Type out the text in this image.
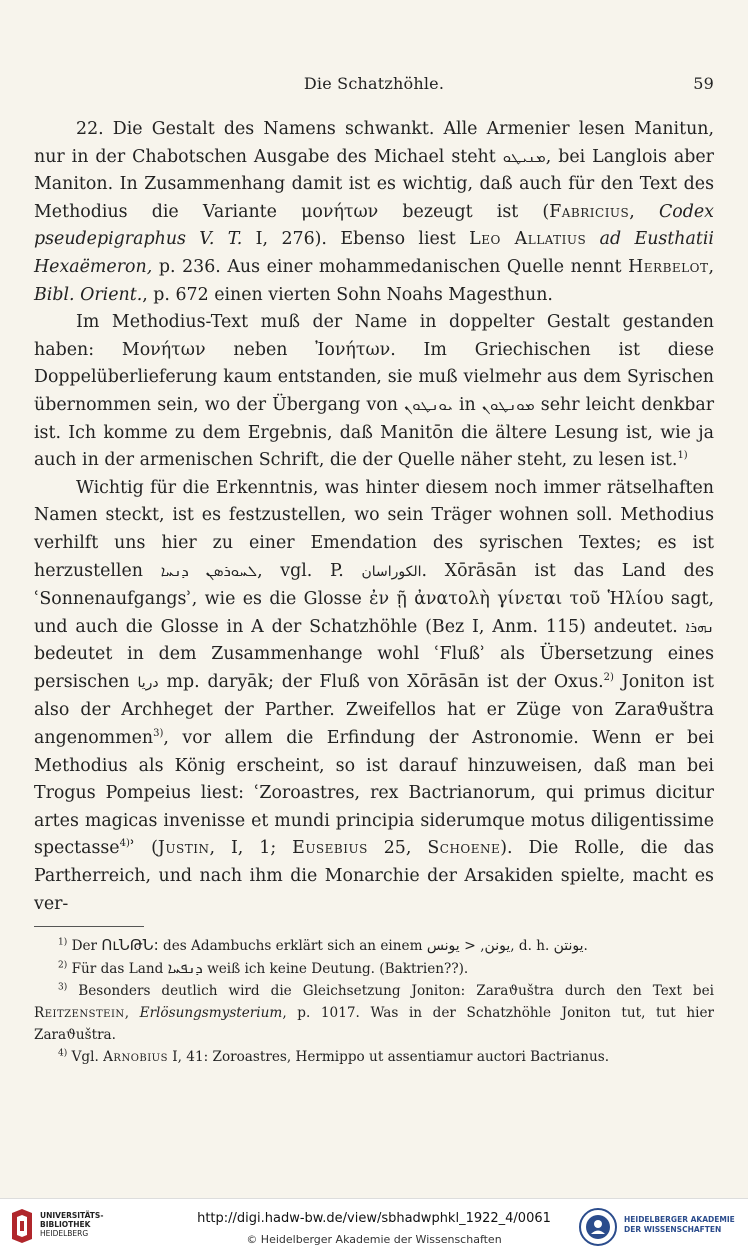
Die Schatzhöhle.	59

22. Die Gestalt des Namens schwankt. Alle Armenier lesen Manitun, nur in der Chabotschen Ausgabe des Michael steht ܡܢܝܛܘ, bei Langlois aber Maniton. In Zusammenhang damit ist es wichtig, daß auch für den Text des Methodius die Variante μονήτων bezeugt ist (Fabricius, Codex pseudepigraphus V. T. I, 276). Ebenso liest Leo Allatius ad Eusthatii Hexaëmeron, p. 236. Aus einer mohammedanischen Quelle nennt Herbelot, Bibl. Orient., p. 672 einen vierten Sohn Noahs Magesthun.

Im Methodius-Text muß der Name in doppelter Gestalt gestanden haben: Μονήτων neben Ἰονήτων. Im Griechischen ist diese Doppelüberlieferung kaum entstanden, sie muß vielmehr aus dem Syrischen übernommen sein, wo der Übergang von ܝܘܢܛܘܢ in ܡܘܢܛܘܢ sehr leicht denkbar ist. Ich komme zu dem Ergebnis, daß Manitōn die ältere Lesung ist, wie ja auch in der armenischen Schrift, die der Quelle näher steht, zu lesen ist.$^{1)}$

Wichtig für die Erkenntnis, was hinter diesem noch immer rätselhaften Namen steckt, ist es festzustellen, wo sein Träger wohnen soll. Methodius verhilft uns hier zu einer Emendation des syrischen Textes; es ist herzustellen ܠܚܘܪܣܢ ܕܢܚܐ, vgl. P. الكوراسان. Xōrāsān ist das Land des ʿSonnenaufgangsʾ, wie es die Glosse ἐν ῇ ἀνατολὴ γίνεται τοῦ Ἡλίου sagt, und auch die Glosse in A der Schatzhöhle (Bez I, Anm. 115) andeutet. ܢܗܪܐ bedeutet in dem Zusammenhange wohl ʿFlußʾ als Übersetzung eines persischen دريا mp. daryāk; der Fluß von Xōrāsān ist der Oxus.$^{2)}$ Joniton ist also der Archheget der Parther. Zweifellos hat er Züge von Zaraϑuštra angenommen$^{3)}$, vor allem die Erfindung der Astronomie. Wenn er bei Methodius als König erscheint, so ist darauf hinzuweisen, daß man bei Trogus Pompeius liest: ʿZoroastres, rex Bactrianorum, qui primus dicitur artes magicas invenisse et mundi principia siderumque motus diligentissime spectasse$^{4)}$ʾ (Justin, I, 1; Eusebius 25, Schoene). Die Rolle, die das Partherreich, und nach ihm die Monarchie der Arsakiden spielte, macht es ver-

$^{1)}$ Der ՈւՆԹՆ: des Adambuchs erklärt sich an einem	يونن, < يونس	, d. h. يونتن.

$^{2)}$ Für das Land ܕܢܦܚܐ weiß ich keine Deutung. (Baktrien??).

$^{3)}$ Besonders deutlich wird die Gleichsetzung Joniton: Zaraϑuštra durch den Text bei Reitzenstein, Erlösungsmysterium, p. 1017. Was in der Schatzhöhle Joniton tut, tut hier Zaraϑuštra.

$^{4)}$ Vgl. Arnobius I, 41: Zoroastres, Hermippo ut assentiamur auctori Bactrianus.

UNIVERSITÄTS-
BIBLIOTHEK
HEIDELBERG
http://digi.hadw-bw.de/view/sbhadwphkl_1922_4/0061
© Heidelberger Akademie der Wissenschaften
HEIDELBERGER AKADEMIE
DER WISSENSCHAFTEN
